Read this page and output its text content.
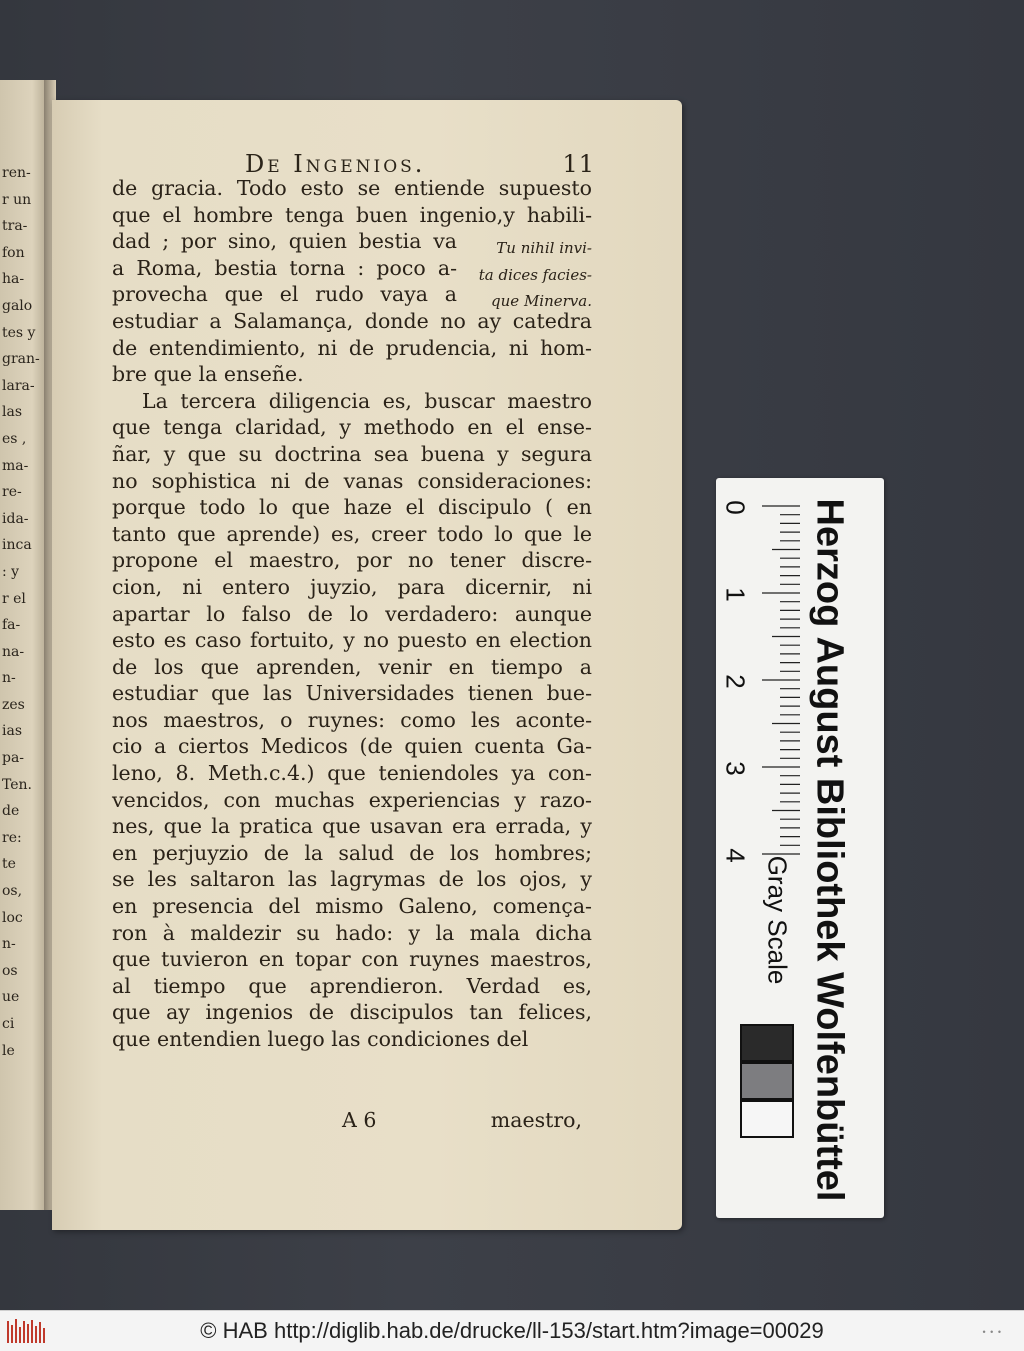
ren-
r un
tra-
fon
ha-
galo
tes y
gran-
lara-
las
es ,
ma-
re-
ida-
inca
: y
r el
fa-
na-
n-
zes
ias
pa-
Ten.
de
re:
te
os,
loc
n-
os
ue
ci
le
De Ingenios.	11
de gracia. Todo esto se entiende supuesto
que el hombre tenga buen ingenio,y habili-
dad ; por sino, quien bestia va
a Roma, bestia torna : poco a-
provecha que el rudo vaya a
estudiar a Salamança, donde no ay catedra
de entendimiento, ni de prudencia, ni hom-
bre que la enseñe.
La tercera diligencia es, buscar maestro
que tenga claridad, y methodo en el ense-
ñar, y que su doctrina sea buena y segura
no sophistica ni de vanas consideraciones:
porque todo lo que haze el discipulo ( en
tanto que aprende) es, creer todo lo que le
propone el maestro, por no tener discre-
cion, ni entero juyzio, para dicernir, ni
apartar lo falso de lo verdadero: aunque
esto es caso fortuito, y no puesto en election
de los que aprenden, venir en tiempo a
estudiar que las Universidades tienen bue-
nos maestros, o ruynes: como les aconte-
cio a ciertos Medicos (de quien cuenta Ga-
leno, 8. Meth.c.4.) que teniendoles ya con-
vencidos, con muchas experiencias y razo-
nes, que la pratica que usavan era errada, y
en perjuyzio de la salud de los hombres;
se les saltaron las lagrymas de los ojos, y
en presencia del mismo Galeno, comença-
ron à maldezir su hado: y la mala dicha
que tuvieron en topar con ruynes maestros,
al tiempo que aprendieron. Verdad es,
que ay ingenios de discipulos tan felices,
que entendien luego las condiciones del
Tu nihil invi-
ta dices facies-
que Minerva.
A 6	maestro,	Herzog August Bibliothek Wolfenbüttel
Gray Scale
0
1
2
3
4
© HAB http://diglib.hab.de/drucke/ll-153/start.htm?image=00029	• • •
